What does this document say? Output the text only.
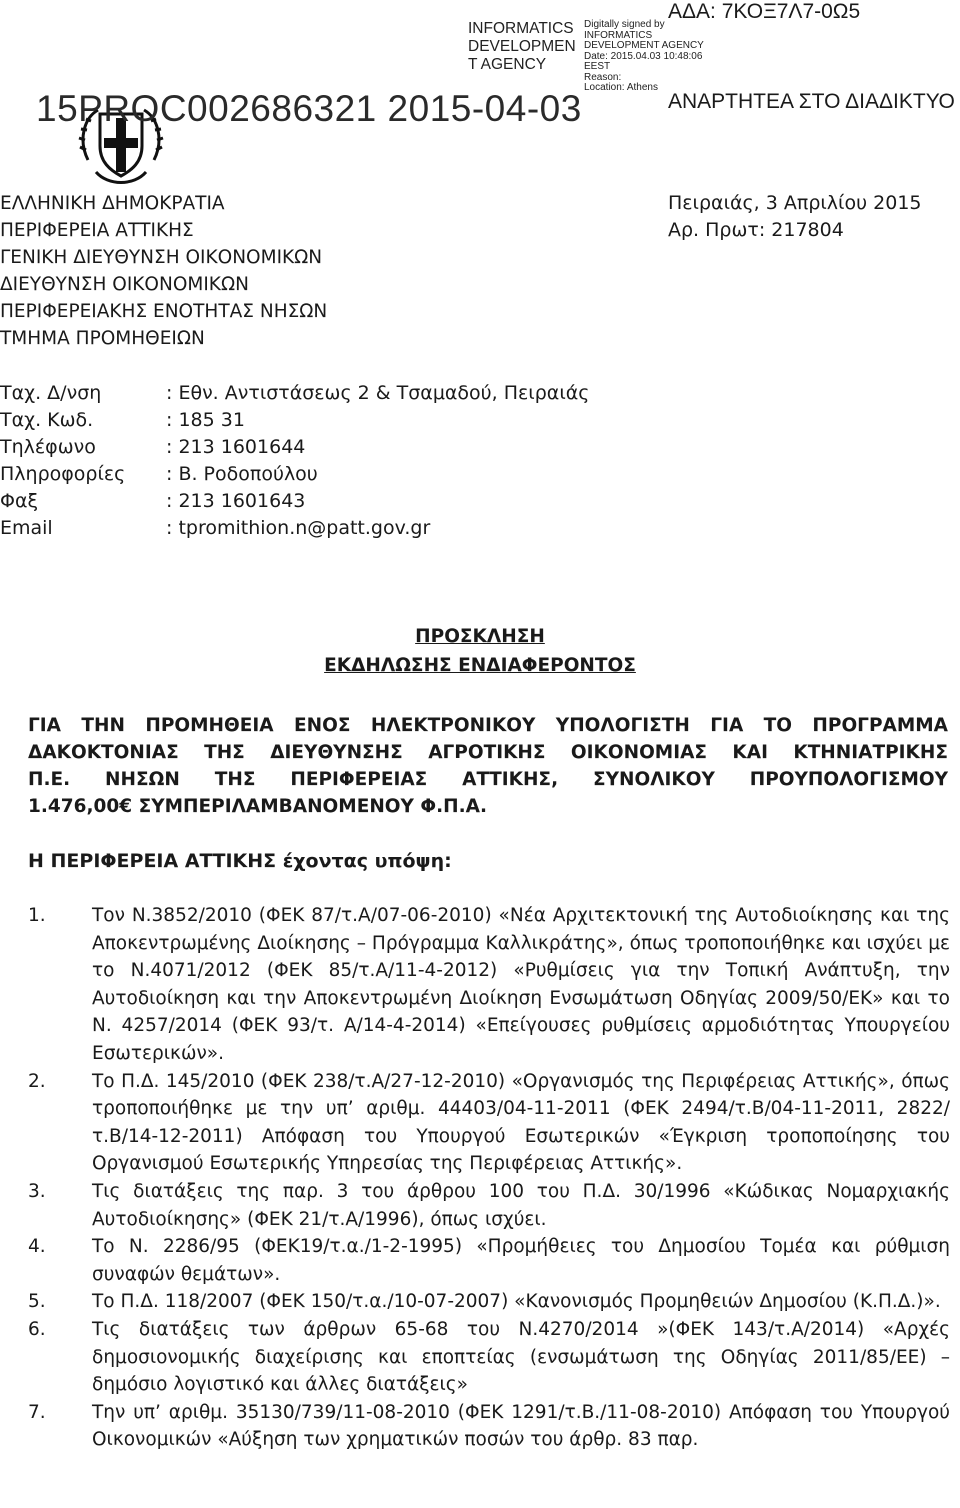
INFORMATICS
DEVELOPMEN
T AGENCY
Digitally signed by
INFORMATICS
DEVELOPMENT AGENCY
Date: 2015.04.03 10:48:06
EEST
Reason:
Location: Athens
ΑΔΑ: 7ΚΟΞ7Λ7-0Ω5
15PROC002686321 2015-04-03	ΑΝΑΡΤΗΤΕΑ ΣΤΟ ΔΙΑΔΙΚΤΥΟ
ΕΛΛΗΝΙΚΗ ΔΗΜΟΚΡΑΤΙΑ
ΠΕΡΙΦΕΡΕΙΑ ΑΤΤΙΚΗΣ
ΓΕΝΙΚΗ ΔΙΕΥΘΥΝΣΗ ΟΙΚΟΝΟΜΙΚΩΝ
ΔΙΕΥΘΥΝΣΗ ΟΙΚΟΝΟΜΙΚΩΝ
ΠΕΡΙΦΕΡΕΙΑΚΗΣ ΕΝΟΤΗΤΑΣ ΝΗΣΩΝ
ΤΜΗΜΑ ΠΡΟΜΗΘΕΙΩΝ
Πειραιάς, 3 Απριλίου 2015
Αρ. Πρωτ: 217804
Ταχ. Δ/νση	: Εθν. Αντιστάσεως 2 & Τσαμαδού, Πειραιάς
Ταχ. Κωδ.	: 185 31
Τηλέφωνο	: 213 1601644
Πληροφορίες	: Β. Ροδοπούλου
Φαξ	: 213 1601643
Email	: tpromithion.n@patt.gov.gr
ΠΡΟΣΚΛΗΣΗ
ΕΚΔΗΛΩΣΗΣ ΕΝΔΙΑΦΕΡΟΝΤΟΣ
ΓΙΑ ΤΗΝ ΠΡΟΜΗΘΕΙΑ ΕΝΟΣ ΗΛΕΚΤΡΟΝΙΚΟΥ ΥΠΟΛΟΓΙΣΤΗ ΓΙΑ ΤΟ ΠΡΟΓΡΑΜΜΑ
ΔΑΚΟΚΤΟΝΙΑΣ ΤΗΣ ΔΙΕΥΘΥΝΣΗΣ ΑΓΡΟΤΙΚΗΣ ΟΙΚΟΝΟΜΙΑΣ ΚΑΙ ΚΤΗΝΙΑΤΡΙΚΗΣ
Π.Ε. ΝΗΣΩΝ ΤΗΣ ΠΕΡΙΦΕΡΕΙΑΣ ΑΤΤΙΚΗΣ, ΣΥΝΟΛΙΚΟΥ ΠΡΟΥΠΟΛΟΓΙΣΜΟΥ
1.476,00€ ΣΥΜΠΕΡΙΛΑΜΒΑΝΟΜΕΝΟΥ Φ.Π.Α.
Η ΠΕΡΙΦΕΡΕΙΑ ΑΤΤΙΚΗΣ έχοντας υπόψη:
1.	Τον Ν.3852/2010 (ΦΕΚ 87/τ.Α/07-06-2010) «Νέα Αρχιτεκτονική της Αυτοδιοίκησης και της Αποκεντρωμένης Διοίκησης – Πρόγραμμα Καλλικράτης», όπως τροποποιήθηκε και ισχύει με το Ν.4071/2012 (ΦΕΚ 85/τ.Α/11-4-2012) «Ρυθμίσεις για την Τοπική Ανάπτυξη, την Αυτοδιοίκηση και την Αποκεντρωμένη Διοίκηση Ενσωμάτωση Οδηγίας 2009/50/ΕΚ» και το Ν. 4257/2014 (ΦΕΚ 93/τ. Α/14-4-2014) «Επείγουσες ρυθμίσεις αρμοδιότητας Υπουργείου Εσωτερικών».
2.	Το Π.Δ. 145/2010 (ΦΕΚ 238/τ.Α/27-12-2010) «Οργανισμός της Περιφέρειας Αττικής», όπως τροποποιήθηκε με την υπ’ αριθμ. 44403/04-11-2011 (ΦΕΚ 2494/τ.Β/04-11-2011, 2822/τ.Β/14-12-2011) Απόφαση του Υπουργού Εσωτερικών «Έγκριση τροποποίησης του Οργανισμού Εσωτερικής Υπηρεσίας της Περιφέρειας Αττικής».
3.	Τις διατάξεις της παρ. 3 του άρθρου 100 του Π.Δ. 30/1996 «Κώδικας Νομαρχιακής Αυτοδιοίκησης» (ΦΕΚ 21/τ.Α/1996), όπως ισχύει.
4.	Το Ν. 2286/95 (ΦΕΚ19/τ.α./1-2-1995) «Προμήθειες του Δημοσίου Τομέα και ρύθμιση συναφών θεμάτων».
5.	Το Π.Δ. 118/2007 (ΦΕΚ 150/τ.α./10-07-2007) «Κανονισμός Προμηθειών Δημοσίου (Κ.Π.Δ.)».
6.	Τις διατάξεις των άρθρων 65-68 του Ν.4270/2014 »(ΦΕΚ 143/τ.Α/2014) «Αρχές δημοσιονομικής διαχείρισης και εποπτείας (ενσωμάτωση της Οδηγίας 2011/85/ΕΕ) – δημόσιο λογιστικό και άλλες διατάξεις»
7.	Την υπ’ αριθμ. 35130/739/11-08-2010 (ΦΕΚ 1291/τ.Β./11-08-2010) Απόφαση του Υπουργού Οικονομικών «Αύξηση των χρηματικών ποσών του άρθρ. 83 παρ.
